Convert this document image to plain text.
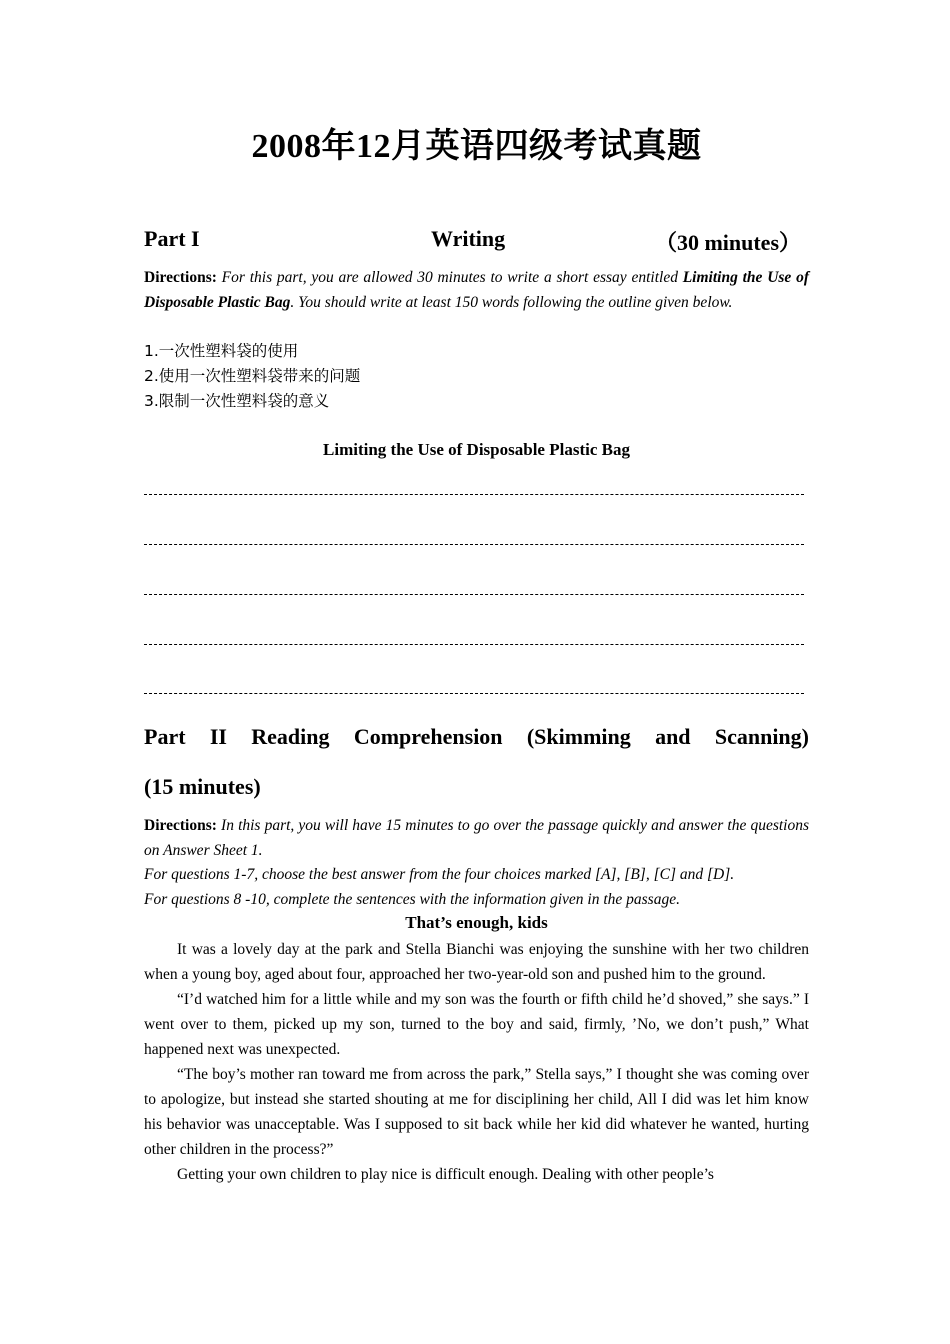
2008年12月英语四级考试真题
Part I	Writing	（30 minutes）
Directions: For this part, you are allowed 30 minutes to write a short essay entitled Limiting the Use of Disposable Plastic Bag. You should write at least 150 words following the outline given below.
1.一次性塑料袋的使用
2.使用一次性塑料袋带来的问题
3.限制一次性塑料袋的意义
Limiting the Use of Disposable Plastic Bag
Part II Reading Comprehension (Skimming and Scanning)
(15 minutes)
Directions: In this part, you will have 15 minutes to go over the passage quickly and answer the questions on Answer Sheet 1.
For questions 1-7, choose the best answer from the four choices marked [A], [B], [C] and [D].
For questions 8 -10, complete the sentences with the information given in the passage.
That’s enough, kids

It was a lovely day at the park and Stella Bianchi was enjoying the sunshine with her two children when a young boy, aged about four, approached her two-year-old son and pushed him to the ground.

“I’d watched him for a little while and my son was the fourth or fifth child he’d shoved,” she says.” I went over to them, picked up my son, turned to the boy and said, firmly, ’No, we don’t push,” What happened next was unexpected.

“The boy’s mother ran toward me from across the park,” Stella says,” I thought she was coming over to apologize, but instead she started shouting at me for disciplining her child, All I did was let him know his behavior was unacceptable. Was I supposed to sit back while her kid did whatever he wanted, hurting other children in the process?”

Getting your own children to play nice is difficult enough. Dealing with other people’s
